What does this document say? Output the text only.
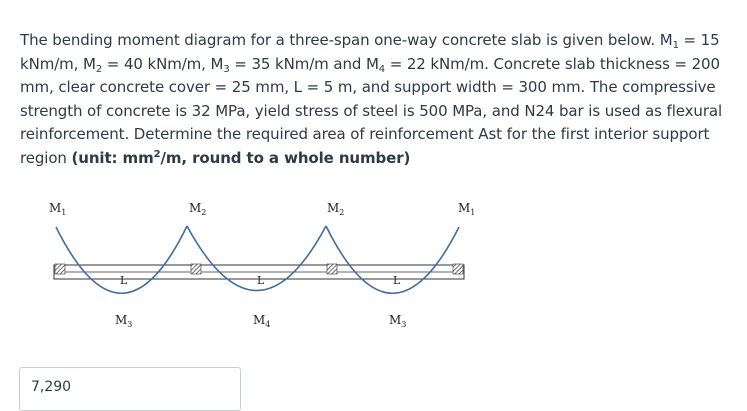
The bending moment diagram for a three-span one-way concrete slab is given below. $M_1 = 15$ kNm/m, $M_2 = 40$ kNm/m, $M_3 = 35$ kNm/m and $M_4 = 22$ kNm/m. Concrete slab thickness = 200 mm, clear concrete cover = 25 mm, L = 5 m, and support width = 300 mm. The compressive strength of concrete is 32 MPa, yield stress of steel is 500 MPa, and N24 bar is used as flexural reinforcement. Determine the required area of reinforcement Ast for the first interior support region (unit: $mm^2/m$, round to a whole number)
$M_1$	$M_2$	$M_2$	$M_1$
L	L	L
$M_3$	$M_4$	$M_3$
7,290
